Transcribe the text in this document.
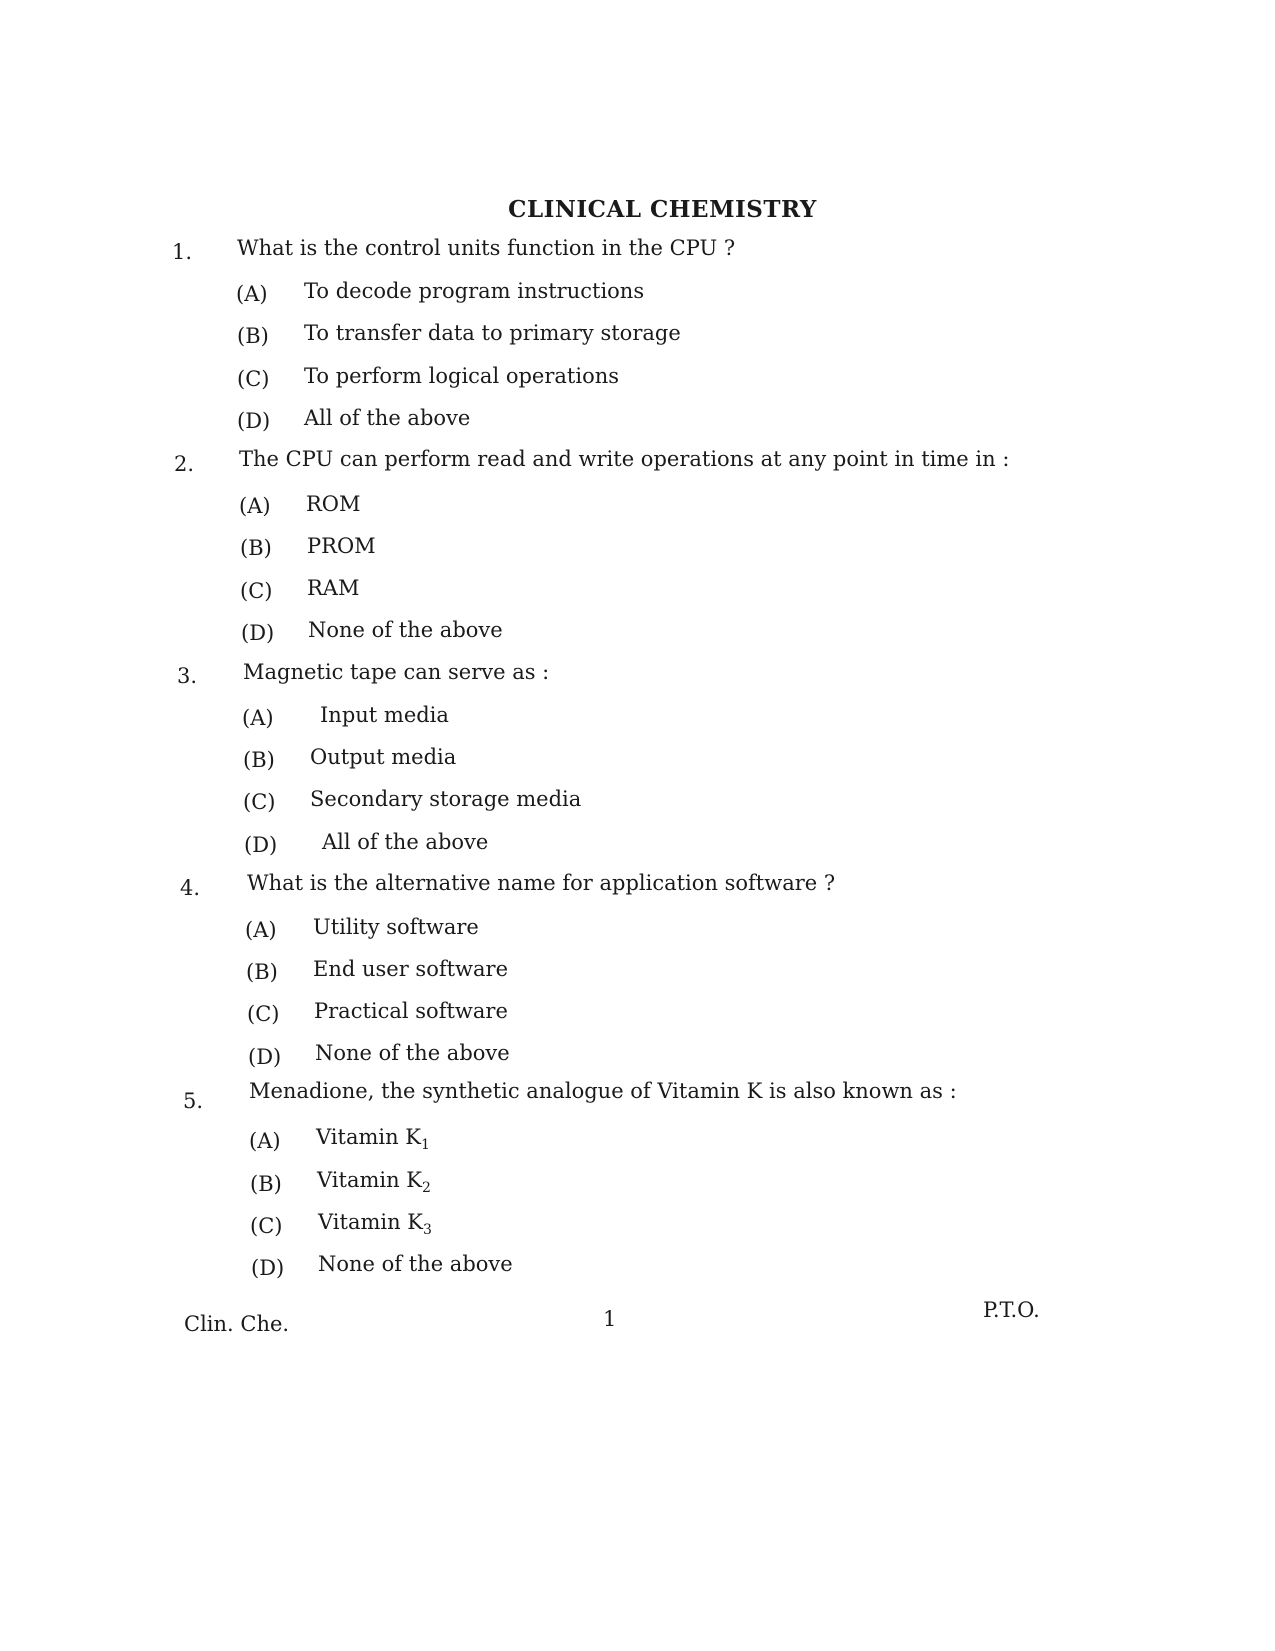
CLINICAL CHEMISTRY
1. What is the control units function in the CPU ?
(A) To decode program instructions
(B) To transfer data to primary storage
(C) To perform logical operations
(D) All of the above
2. The CPU can perform read and write operations at any point in time in :
(A) ROM
(B) PROM
(C) RAM
(D) None of the above
3. Magnetic tape can serve as :
(A) Input media
(B) Output media
(C) Secondary storage media
(D) All of the above
4. What is the alternative name for application software ?
(A) Utility software
(B) End user software
(C) Practical software
(D) None of the above
5. Menadione, the synthetic analogue of Vitamin K is also known as :
(A) Vitamin $K_1$
(B) Vitamin $K_2$
(C) Vitamin $K_3$
(D) None of the above
Clin. Che.	1	P.T.O.
